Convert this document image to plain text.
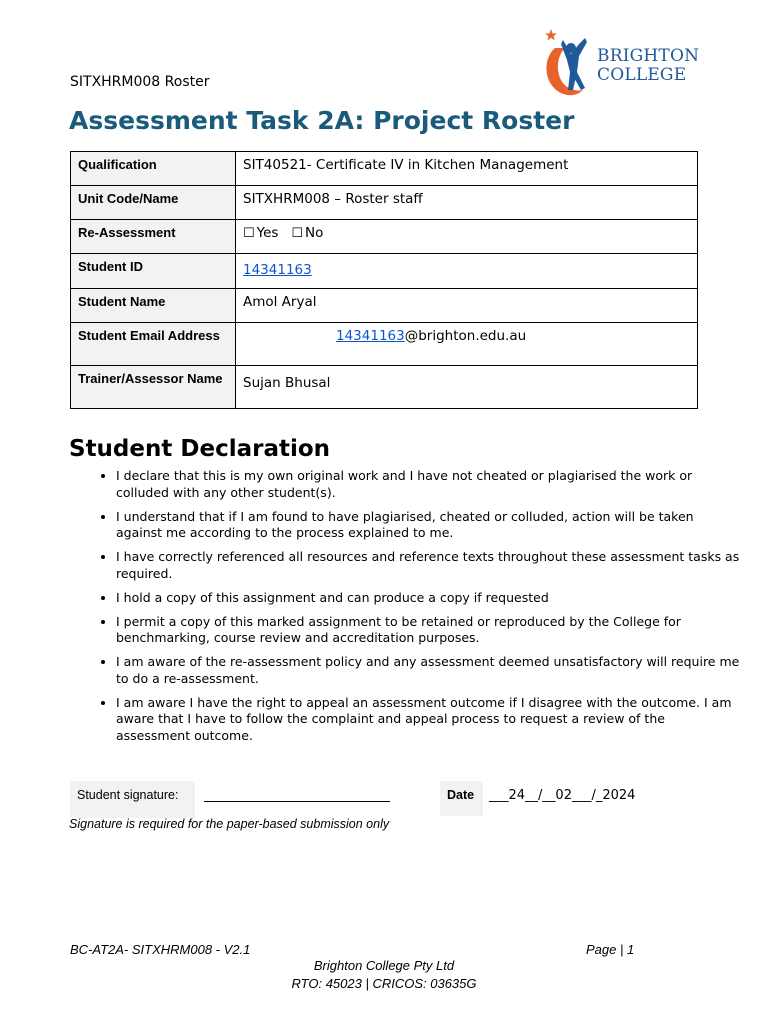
SITXHRM008 Roster
BRIGHTON
COLLEGE
Assessment Task 2A: Project Roster
Qualification	SIT40521- Certificate IV in Kitchen Management
Unit Code/Name	SITXHRM008 – Roster staff
Re-Assessment	☐ Yes ☐ No
Student ID	14341163
Student Name	Amol Aryal
Student Email Address	14341163@brighton.edu.au
Trainer/Assessor Name	Sujan Bhusal
Student Declaration
• I declare that this is my own original work and I have not cheated or plagiarised the work or colluded with any other student(s).
• I understand that if I am found to have plagiarised, cheated or colluded, action will be taken against me according to the process explained to me.
• I have correctly referenced all resources and reference texts throughout these assessment tasks as required.
• I hold a copy of this assignment and can produce a copy if requested
• I permit a copy of this marked assignment to be retained or reproduced by the College for benchmarking, course review and accreditation purposes.
• I am aware of the re-assessment policy and any assessment deemed unsatisfactory will require me to do a re-assessment.
• I am aware I have the right to appeal an assessment outcome if I disagree with the outcome. I am aware that I have to follow the complaint and appeal process to request a review of the assessment outcome.
Student signature:	Date	___24__/__02___/_2024
Signature is required for the paper-based submission only
BC-AT2A- SITXHRM008 - V2.1	Page | 1
Brighton College Pty Ltd
RTO: 45023 | CRICOS: 03635G
